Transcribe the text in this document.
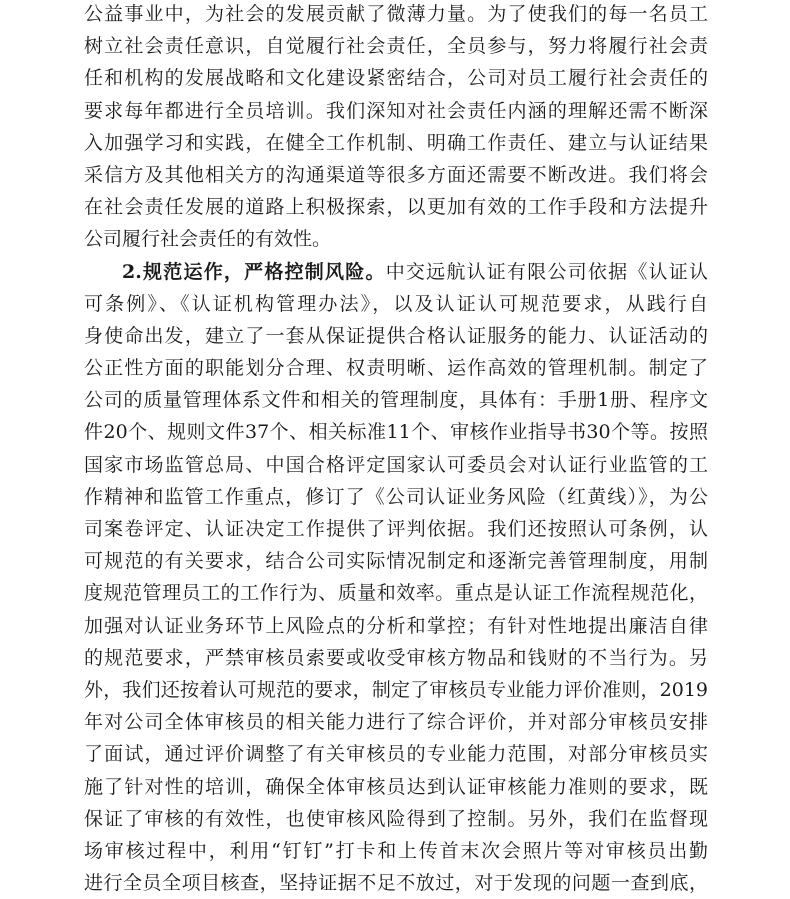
公益事业中，为社会的发展贡献了微薄力量。为了使我们的每一名员工
树立社会责任意识，自觉履行社会责任，全员参与，努力将履行社会责
任和机构的发展战略和文化建设紧密结合，公司对员工履行社会责任的
要求每年都进行全员培训。我们深知对社会责任内涵的理解还需不断深
入加强学习和实践，在健全工作机制、明确工作责任、建立与认证结果
采信方及其他相关方的沟通渠道等很多方面还需要不断改进。我们将会
在社会责任发展的道路上积极探索，以更加有效的工作手段和方法提升
公司履行社会责任的有效性。
2.规范运作，严格控制风险。中交远航认证有限公司依据《认证认
可条例》、《认证机构管理办法》，以及认证认可规范要求，从践行自
身使命出发，建立了一套从保证提供合格认证服务的能力、认证活动的
公正性方面的职能划分合理、权责明晰、运作高效的管理机制。制定了
公司的质量管理体系文件和相关的管理制度，具体有：手册1册、程序文
件20个、规则文件37个、相关标准11个、审核作业指导书30个等。按照
国家市场监管总局、中国合格评定国家认可委员会对认证行业监管的工
作精神和监管工作重点，修订了《公司认证业务风险（红黄线）》，为公
司案卷评定、认证决定工作提供了评判依据。我们还按照认可条例，认
可规范的有关要求，结合公司实际情况制定和逐渐完善管理制度，用制
度规范管理员工的工作行为、质量和效率。重点是认证工作流程规范化，
加强对认证业务环节上风险点的分析和掌控；有针对性地提出廉洁自律
的规范要求，严禁审核员索要或收受审核方物品和钱财的不当行为。另
外，我们还按着认可规范的要求，制定了审核员专业能力评价准则，2019
年对公司全体审核员的相关能力进行了综合评价，并对部分审核员安排
了面试，通过评价调整了有关审核员的专业能力范围，对部分审核员实
施了针对性的培训，确保全体审核员达到认证审核能力准则的要求，既
保证了审核的有效性，也使审核风险得到了控制。另外，我们在监督现
场审核过程中，利用“钉钉”打卡和上传首末次会照片等对审核员出勤
进行全员全项目核查，坚持证据不足不放过，对于发现的问题一查到底，
